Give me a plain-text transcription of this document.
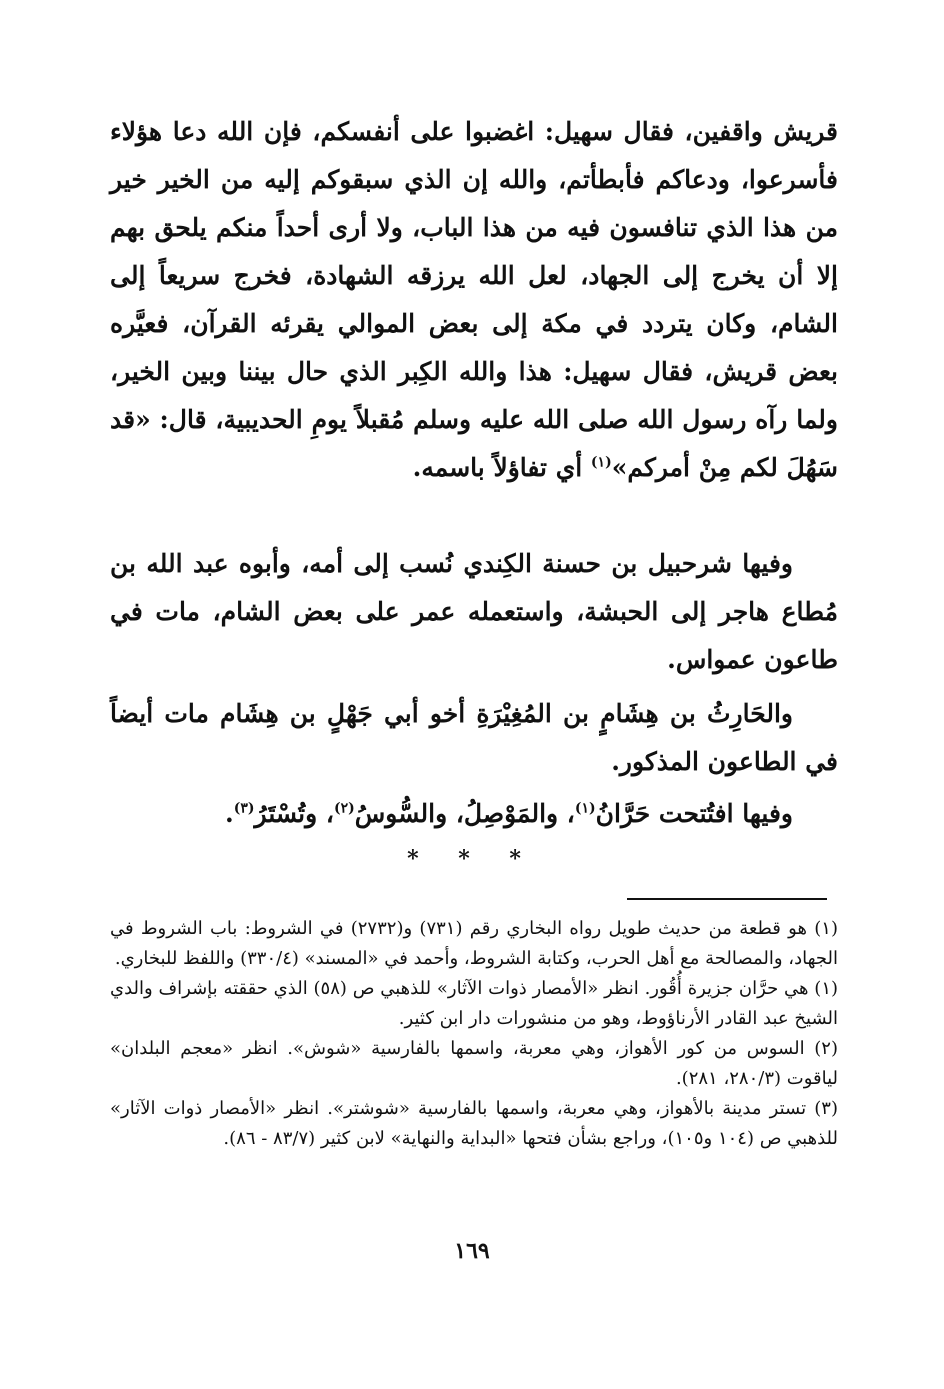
قريش واقفين، فقال سهيل: اغضبوا على أنفسكم، فإن الله دعا هؤلاء فأسرعوا، ودعاكم فأبطأتم، والله إن الذي سبقوكم إليه من الخير خير من هذا الذي تنافسون فيه من هذا الباب، ولا أرى أحداً منكم يلحق بهم إلا أن يخرج إلى الجهاد، لعل الله يرزقه الشهادة، فخرج سريعاً إلى الشام، وكان يتردد في مكة إلى بعض الموالي يقرئه القرآن، فعيَّره بعض قريش، فقال سهيل: هذا والله الكِبر الذي حال بيننا وبين الخير، ولما رآه رسول الله صلى الله عليه وسلم مُقبلاً يومِ الحديبية، قال: «قد سَهُلَ لكم مِنْ أمركم»$^{(١)}$ أي تفاؤلاً باسمه.

وفيها شرحبيل بن حسنة الكِندي نُسب إلى أمه، وأبوه عبد الله بن مُطاع هاجر إلى الحبشة، واستعمله عمر على بعض الشام، مات في طاعون عمواس.

والحَارِثُ بن هِشَامٍ بن المُغِيْرَةِ أخو أبي جَهْلٍ بن هِشَام مات أيضاً في الطاعون المذكور.

وفيها افتُتحت حَرَّانُ$^{(١)}$، والمَوْصِلُ، والسُّوسُ$^{(٢)}$، وتُسْتَرُ$^{(٣)}$.

* * *

(١) هو قطعة من حديث طويل رواه البخاري رقم (٧٣١) و(٢٧٣٢) في الشروط: باب الشروط في الجهاد، والمصالحة مع أهل الحرب، وكتابة الشروط، وأحمد في «المسند» (٣٣٠/٤) واللفظ للبخاري.

(١) هي حرَّان جزيرة أُقُور. انظر «الأمصار ذوات الآثار» للذهبي ص (٥٨) الذي حققته بإشراف والدي الشيخ عبد القادر الأرناؤوط، وهو من منشورات دار ابن كثير.

(٢) السوس من كور الأهواز، وهي معربة، واسمها بالفارسية «شوش». انظر «معجم البلدان» لياقوت (٢٨٠/٣، ٢٨١).

(٣) تستر مدينة بالأهواز، وهي معربة، واسمها بالفارسية «شوشتر». انظر «الأمصار ذوات الآثار» للذهبي ص (١٠٤ و١٠٥)، وراجع بشأن فتحها «البداية والنهاية» لابن كثير (٨٣/٧ - ٨٦).

١٦٩
